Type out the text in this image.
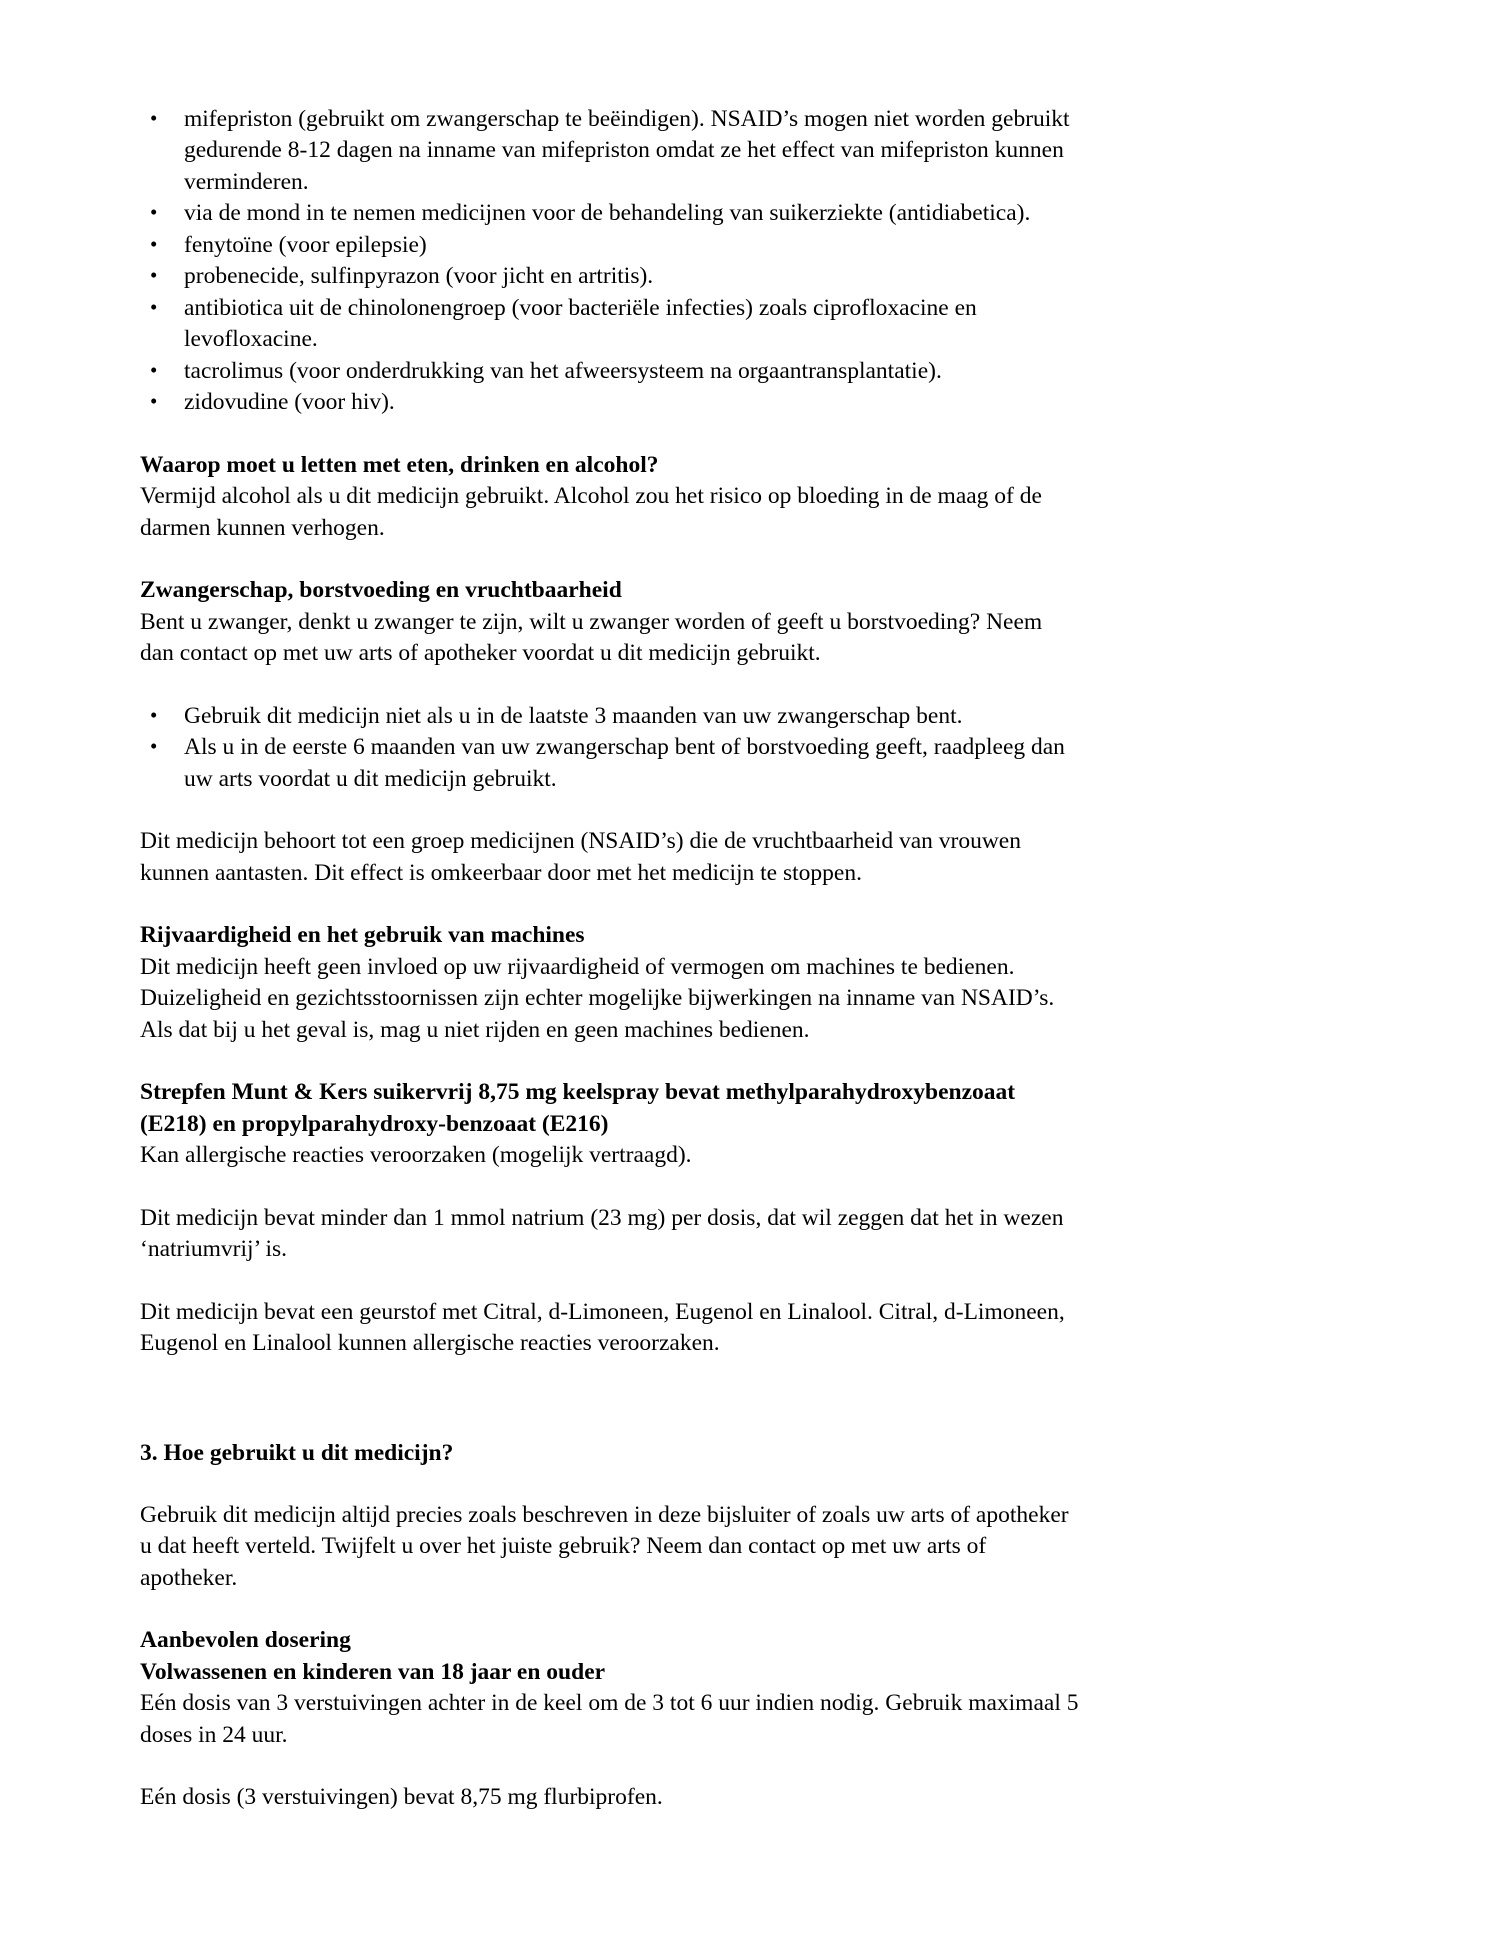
• mifepriston (gebruikt om zwangerschap te beëindigen). NSAID’s mogen niet worden gebruikt gedurende 8-12 dagen na inname van mifepriston omdat ze het effect van mifepriston kunnen verminderen.
• via de mond in te nemen medicijnen voor de behandeling van suikerziekte (antidiabetica).
• fenytoïne (voor epilepsie)
• probenecide, sulfinpyrazon (voor jicht en artritis).
• antibiotica uit de chinolonengroep (voor bacteriële infecties) zoals ciprofloxacine en levofloxacine.
• tacrolimus (voor onderdrukking van het afweersysteem na orgaantransplantatie).
• zidovudine (voor hiv).

Waarop moet u letten met eten, drinken en alcohol?

Vermijd alcohol als u dit medicijn gebruikt. Alcohol zou het risico op bloeding in de maag of de darmen kunnen verhogen.

Zwangerschap, borstvoeding en vruchtbaarheid

Bent u zwanger, denkt u zwanger te zijn, wilt u zwanger worden of geeft u borstvoeding? Neem dan contact op met uw arts of apotheker voordat u dit medicijn gebruikt.

• Gebruik dit medicijn niet als u in de laatste 3 maanden van uw zwangerschap bent.
• Als u in de eerste 6 maanden van uw zwangerschap bent of borstvoeding geeft, raadpleeg dan uw arts voordat u dit medicijn gebruikt.

Dit medicijn behoort tot een groep medicijnen (NSAID’s) die de vruchtbaarheid van vrouwen kunnen aantasten. Dit effect is omkeerbaar door met het medicijn te stoppen.

Rijvaardigheid en het gebruik van machines

Dit medicijn heeft geen invloed op uw rijvaardigheid of vermogen om machines te bedienen. Duizeligheid en gezichtsstoornissen zijn echter mogelijke bijwerkingen na inname van NSAID’s. Als dat bij u het geval is, mag u niet rijden en geen machines bedienen.

Strepfen Munt & Kers suikervrij 8,75 mg keelspray bevat methylparahydroxybenzoaat (E218) en propylparahydroxy-benzoaat (E216)

Kan allergische reacties veroorzaken (mogelijk vertraagd).

Dit medicijn bevat minder dan 1 mmol natrium (23 mg) per dosis, dat wil zeggen dat het in wezen ‘natriumvrij’ is.

Dit medicijn bevat een geurstof met Citral, d-Limoneen, Eugenol en Linalool. Citral, d-Limoneen, Eugenol en Linalool kunnen allergische reacties veroorzaken.

3. Hoe gebruikt u dit medicijn?

Gebruik dit medicijn altijd precies zoals beschreven in deze bijsluiter of zoals uw arts of apotheker u dat heeft verteld. Twijfelt u over het juiste gebruik? Neem dan contact op met uw arts of apotheker.

Aanbevolen dosering

Volwassenen en kinderen van 18 jaar en ouder

Eén dosis van 3 verstuivingen achter in de keel om de 3 tot 6 uur indien nodig. Gebruik maximaal 5 doses in 24 uur.

Eén dosis (3 verstuivingen) bevat 8,75 mg flurbiprofen.
